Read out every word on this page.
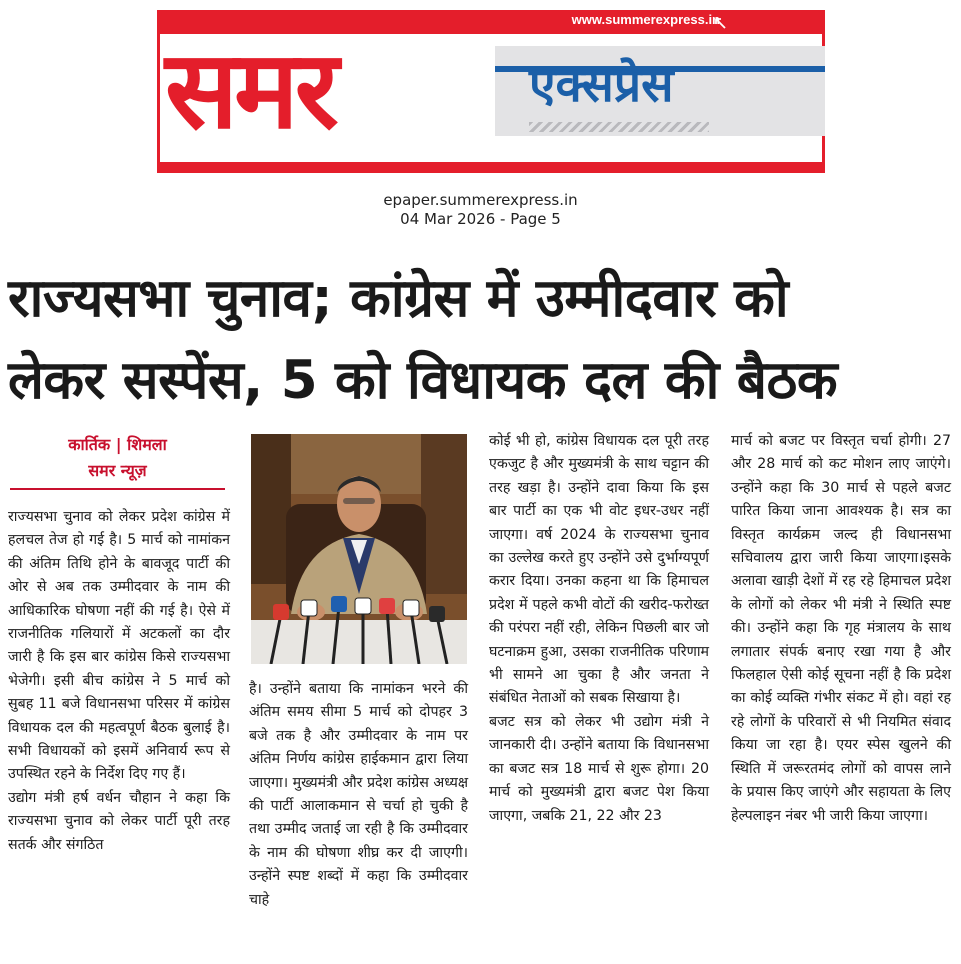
www.summerexpress.in
समर	एक्सप्रेस
epaper.summerexpress.in
04 Mar 2026 - Page 5
राज्यसभा चुनाव; कांग्रेस में उम्मीदवार को
लेकर सस्पेंस, 5 को विधायक दल की बैठक
कार्तिक | शिमला
समर न्यूज़

राज्यसभा चुनाव को लेकर प्रदेश कांग्रेस में हलचल तेज हो गई है। 5 मार्च को नामांकन की अंतिम तिथि होने के बावजूद पार्टी की ओर से अब तक उम्मीदवार के नाम की आधिकारिक घोषणा नहीं की गई है। ऐसे में राजनीतिक गलियारों में अटकलों का दौर जारी है कि इस बार कांग्रेस किसे राज्यसभा भेजेगी। इसी बीच कांग्रेस ने 5 मार्च को सुबह 11 बजे विधानसभा परिसर में कांग्रेस विधायक दल की महत्वपूर्ण बैठक बुलाई है। सभी विधायकों को इसमें अनिवार्य रूप से उपस्थित रहने के निर्देश दिए गए हैं।

उद्योग मंत्री हर्ष वर्धन चौहान ने कहा कि राज्यसभा चुनाव को लेकर पार्टी पूरी तरह सतर्क और संगठित

है। उन्होंने बताया कि नामांकन भरने की अंतिम समय सीमा 5 मार्च को दोपहर 3 बजे तक है और उम्मीदवार के नाम पर अंतिम निर्णय कांग्रेस हाईकमान द्वारा लिया जाएगा। मुख्यमंत्री और प्रदेश कांग्रेस अध्यक्ष की पार्टी आलाकमान से चर्चा हो चुकी है तथा उम्मीद जताई जा रही है कि उम्मीदवार के नाम की घोषणा शीघ्र कर दी जाएगी।उन्होंने स्पष्ट शब्दों में कहा कि उम्मीदवार चाहे

कोई भी हो, कांग्रेस विधायक दल पूरी तरह एकजुट है और मुख्यमंत्री के साथ चट्टान की तरह खड़ा है। उन्होंने दावा किया कि इस बार पार्टी का एक भी वोट इधर-उधर नहीं जाएगा। वर्ष 2024 के राज्यसभा चुनाव का उल्लेख करते हुए उन्होंने उसे दुर्भाग्यपूर्ण करार दिया। उनका कहना था कि हिमाचल प्रदेश में पहले कभी वोटों की खरीद-फरोख्त की परंपरा नहीं रही, लेकिन पिछली बार जो घटनाक्रम हुआ, उसका राजनीतिक परिणाम भी सामने आ चुका है और जनता ने संबंधित नेताओं को सबक सिखाया है।

बजट सत्र को लेकर भी उद्योग मंत्री ने जानकारी दी। उन्होंने बताया कि विधानसभा का बजट सत्र 18 मार्च से शुरू होगा। 20 मार्च को मुख्यमंत्री द्वारा बजट पेश किया जाएगा, जबकि 21, 22 और 23

मार्च को बजट पर विस्तृत चर्चा होगी। 27 और 28 मार्च को कट मोशन लाए जाएंगे। उन्होंने कहा कि 30 मार्च से पहले बजट पारित किया जाना आवश्यक है। सत्र का विस्तृत कार्यक्रम जल्द ही विधानसभा सचिवालय द्वारा जारी किया जाएगा।इसके अलावा खाड़ी देशों में रह रहे हिमाचल प्रदेश के लोगों को लेकर भी मंत्री ने स्थिति स्पष्ट की। उन्होंने कहा कि गृह मंत्रालय के साथ लगातार संपर्क बनाए रखा गया है और फिलहाल ऐसी कोई सूचना नहीं है कि प्रदेश का कोई व्यक्ति गंभीर संकट में हो। वहां रह रहे लोगों के परिवारों से भी नियमित संवाद किया जा रहा है। एयर स्पेस खुलने की स्थिति में जरूरतमंद लोगों को वापस लाने के प्रयास किए जाएंगे और सहायता के लिए हेल्पलाइन नंबर भी जारी किया जाएगा।
